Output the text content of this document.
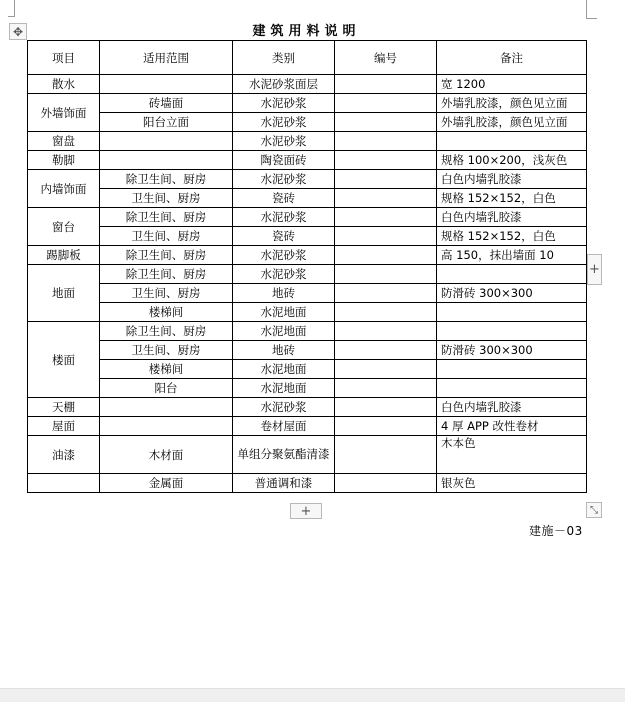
✥	建筑用料说明
项目	适用范围	类别	编号	备注
散水		水泥砂浆面层		宽 1200
外墙饰面	砖墙面	水泥砂浆		外墙乳胶漆，颜色见立面
	阳台立面	水泥砂浆		外墙乳胶漆，颜色见立面
窗盘		水泥砂浆		
勒脚		陶瓷面砖		规格 100×200，浅灰色
内墙饰面	除卫生间、厨房	水泥砂浆		白色内墙乳胶漆
	卫生间、厨房	瓷砖		规格 152×152，白色
窗台	除卫生间、厨房	水泥砂浆		白色内墙乳胶漆
	卫生间、厨房	瓷砖		规格 152×152，白色
踢脚板	除卫生间、厨房	水泥砂浆		高 150，抹出墙面 10
地面	除卫生间、厨房	水泥砂浆		
	卫生间、厨房	地砖		防滑砖 300×300
	楼梯间	水泥地面		
楼面	除卫生间、厨房	水泥地面		
	卫生间、厨房	地砖		防滑砖 300×300
	楼梯间	水泥地面		
	阳台	水泥地面		
天棚		水泥砂浆		白色内墙乳胶漆
屋面		卷材屋面		4 厚 APP 改性卷材
油漆	木材面	单组分聚氨酯清漆		木本色
	金属面	普通调和漆		银灰色
+
+	⤡
建施－03
